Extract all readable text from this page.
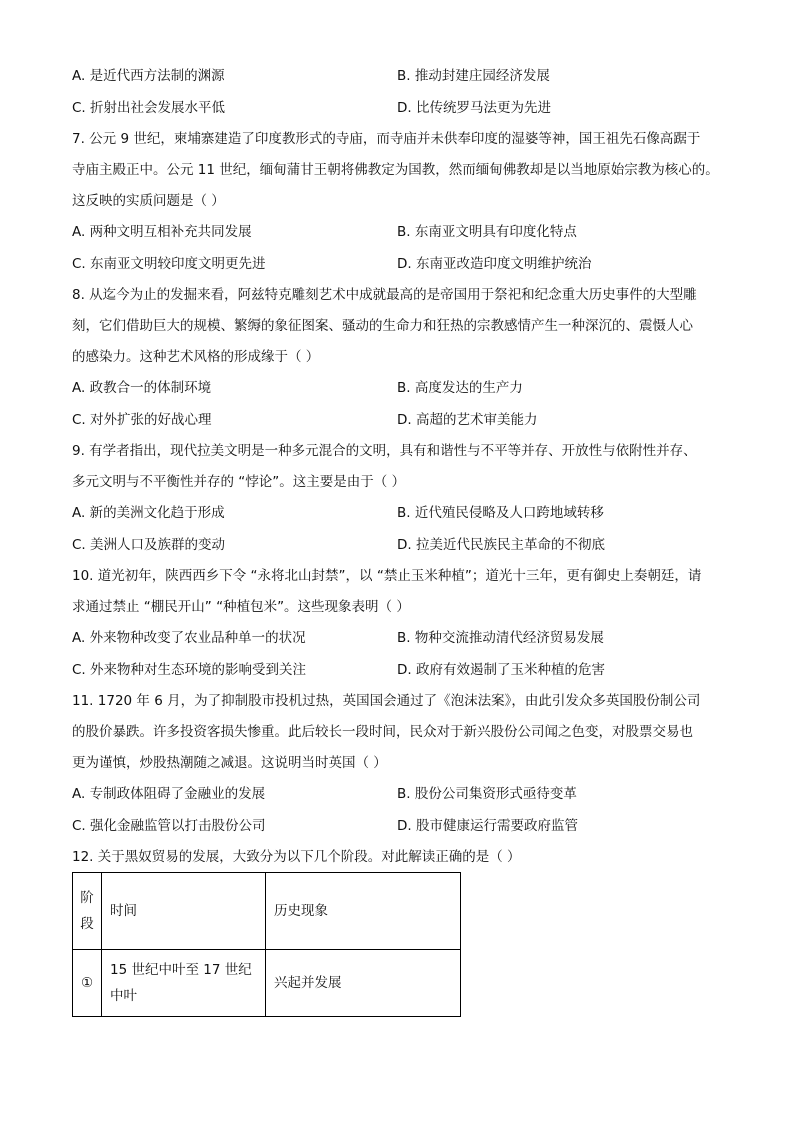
A. 是近代西方法制的渊源	B. 推动封建庄园经济发展
C. 折射出社会发展水平低	D. 比传统罗马法更为先进
7. 公元 9 世纪，柬埔寨建造了印度教形式的寺庙，而寺庙并未供奉印度的湿婆等神，国王祖先石像高踞于
寺庙主殿正中。公元 11 世纪，缅甸蒲甘王朝将佛教定为国教，然而缅甸佛教却是以当地原始宗教为核心的。
这反映的实质问题是（ ）
A. 两种文明互相补充共同发展	B. 东南亚文明具有印度化特点
C. 东南亚文明较印度文明更先进	D. 东南亚改造印度文明维护统治
8. 从迄今为止的发掘来看，阿兹特克雕刻艺术中成就最高的是帝国用于祭祀和纪念重大历史事件的大型雕
刻，它们借助巨大的规模、繁缛的象征图案、骚动的生命力和狂热的宗教感情产生一种深沉的、震慑人心
的感染力。这种艺术风格的形成缘于（ ）
A. 政教合一的体制环境	B. 高度发达的生产力
C. 对外扩张的好战心理	D. 高超的艺术审美能力
9. 有学者指出，现代拉美文明是一种多元混合的文明，具有和谐性与不平等并存、开放性与依附性并存、
多元文明与不平衡性并存的 “悖论”。这主要是由于（ ）
A. 新的美洲文化趋于形成	B. 近代殖民侵略及人口跨地域转移
C. 美洲人口及族群的变动	D. 拉美近代民族民主革命的不彻底
10. 道光初年，陕西西乡下令 “永将北山封禁”，以 “禁止玉米种植”；道光十三年，更有御史上奏朝廷，请
求通过禁止 “棚民开山” “种植包米”。这些现象表明（ ）
A. 外来物种改变了农业品种单一的状况	B. 物种交流推动清代经济贸易发展
C. 外来物种对生态环境的影响受到关注	D. 政府有效遏制了玉米种植的危害
11. 1720 年 6 月，为了抑制股市投机过热，英国国会通过了《泡沫法案》，由此引发众多英国股份制公司
的股价暴跌。许多投资客损失惨重。此后较长一段时间，民众对于新兴股份公司闻之色变，对股票交易也
更为谨慎，炒股热潮随之减退。这说明当时英国（ ）
A. 专制政体阻碍了金融业的发展	B. 股份公司集资形式亟待变革
C. 强化金融监管以打击股份公司	D. 股市健康运行需要政府监管
12. 关于黑奴贸易的发展，大致分为以下几个阶段。对此解读正确的是（ ）
阶段	时间	历史现象
①	15 世纪中叶至 17 世纪中叶	兴起并发展
